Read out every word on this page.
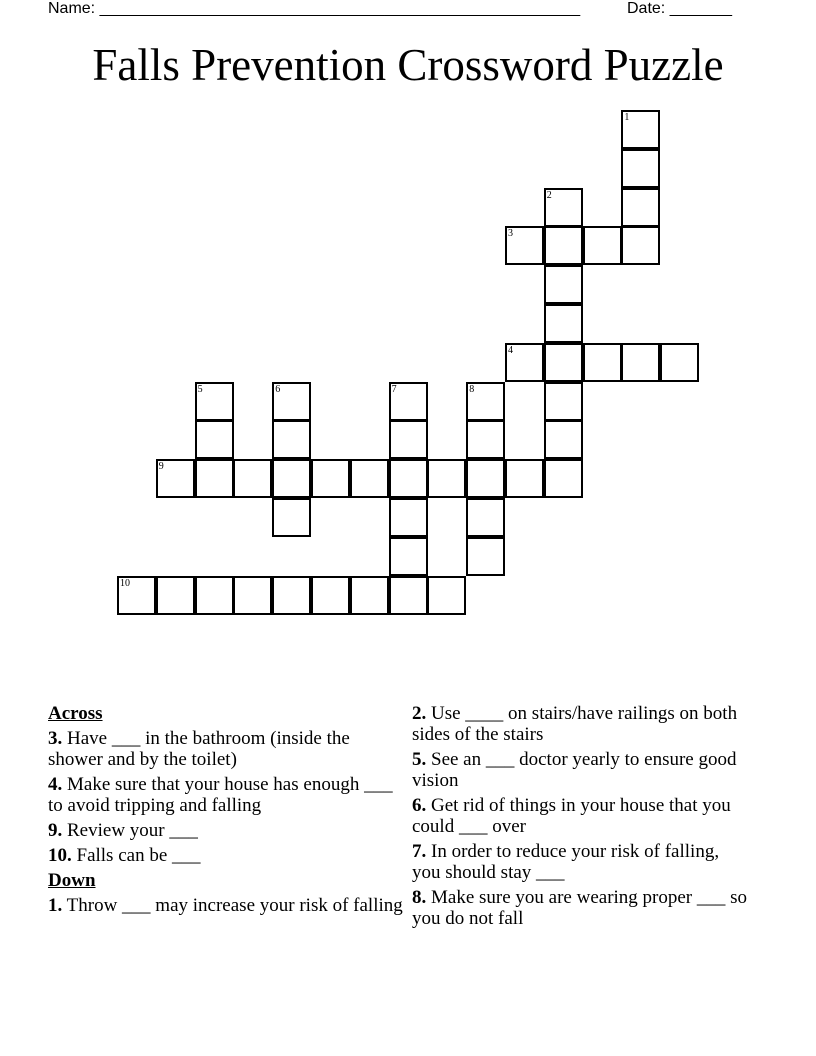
Name: ______________________________________________________	Date: _______
Falls Prevention Crossword Puzzle
1
2
3
4
5	6	7	8
9
10
Across
3. Have ___ in the bathroom (inside the shower and by the toilet)
4. Make sure that your house has enough ___ to avoid tripping and falling
9. Review your ___
10. Falls can be ___
Down
1. Throw ___ may increase your risk of falling
2. Use ____ on stairs/have railings on both sides of the stairs
5. See an ___ doctor yearly to ensure good vision
6. Get rid of things in your house that you could ___ over
7. In order to reduce your risk of falling, you should stay ___
8. Make sure you are wearing proper ___ so you do not fall
